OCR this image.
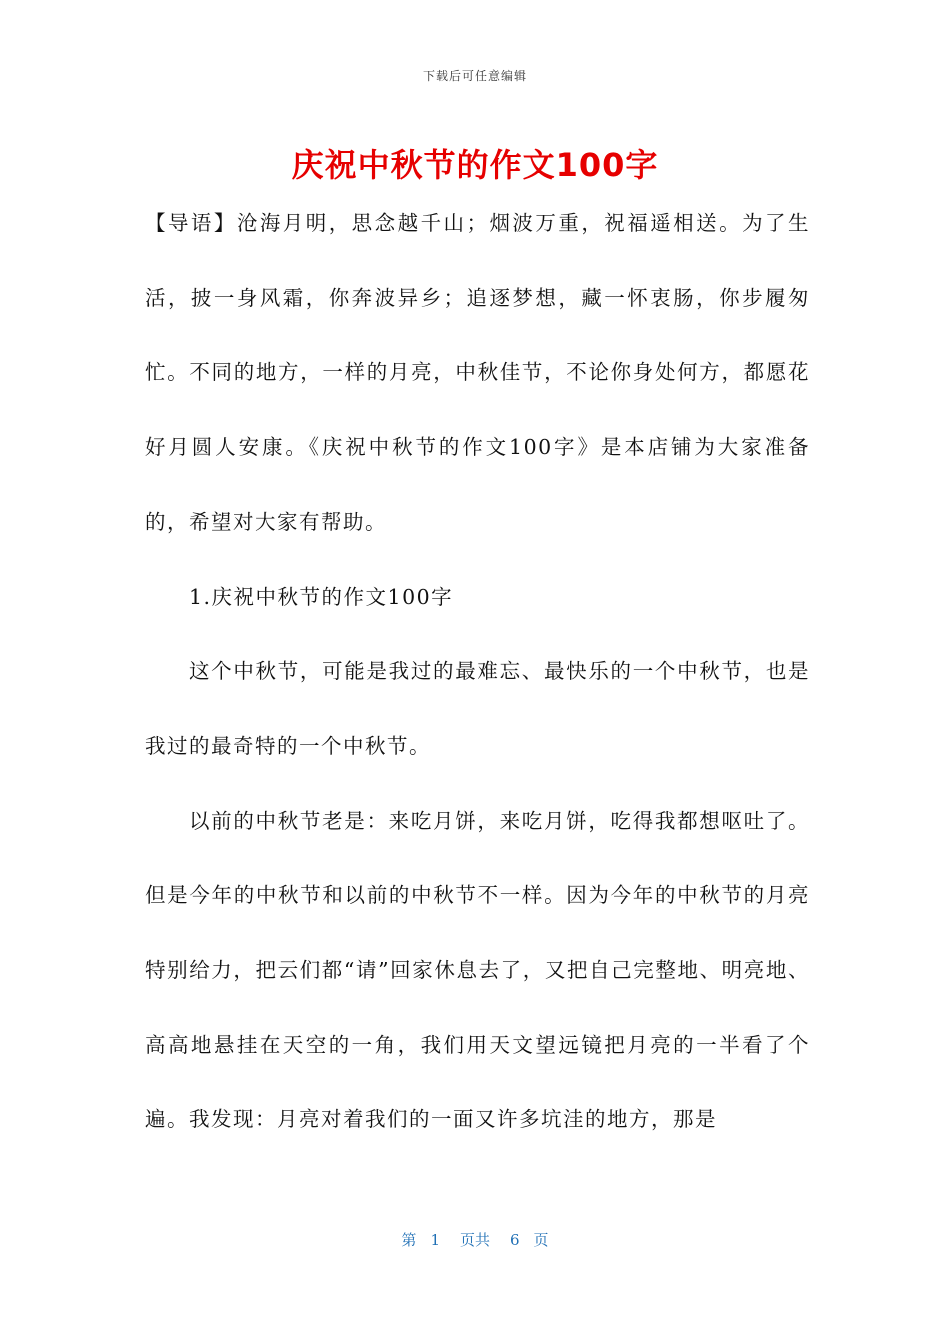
下载后可任意编辑
庆祝中秋节的作文100字

【导语】沧海月明，思念越千山；烟波万重，祝福遥相送。为了生活，披一身风霜，你奔波异乡；追逐梦想，藏一怀衷肠，你步履匆忙。不同的地方，一样的月亮，中秋佳节，不论你身处何方，都愿花好月圆人安康。《庆祝中秋节的作文100字》是本店铺为大家准备的，希望对大家有帮助。

1.庆祝中秋节的作文100字

这个中秋节，可能是我过的最难忘、最快乐的一个中秋节，也是我过的最奇特的一个中秋节。

以前的中秋节老是：来吃月饼，来吃月饼，吃得我都想呕吐了。但是今年的中秋节和以前的中秋节不一样。因为今年的中秋节的月亮特别给力，把云们都“请”回家休息去了，又把自己完整地、明亮地、高高地悬挂在天空的一角，我们用天文望远镜把月亮的一半看了个遍。我发现：月亮对着我们的一面又许多坑洼的地方，那是

第 1 页共 6 页
